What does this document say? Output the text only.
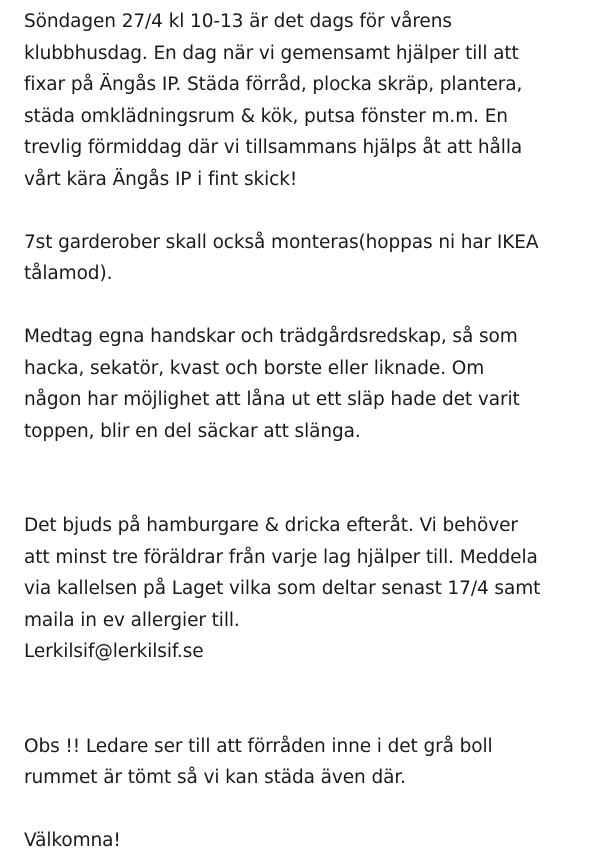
Söndagen 27/4 kl 10-13 är det dags för vårens
klubbhusdag. En dag när vi gemensamt hjälper till att
fixar på Ängås IP. Städa förråd, plocka skräp, plantera,
städa omklädningsrum & kök, putsa fönster m.m. En
trevlig förmiddag där vi tillsammans hjälps åt att hålla
vårt kära Ängås IP i fint skick!

7st garderober skall också monteras(hoppas ni har IKEA
tålamod).

Medtag egna handskar och trädgårdsredskap, så som
hacka, sekatör, kvast och borste eller liknade. Om
någon har möjlighet att låna ut ett släp hade det varit
toppen, blir en del säckar att slänga.

Det bjuds på hamburgare & dricka efteråt. Vi behöver
att minst tre föräldrar från varje lag hjälper till. Meddela
via kallelsen på Laget vilka som deltar senast 17/4 samt
maila in ev allergier till.

Lerkilsif@lerkilsif.se

Obs !! Ledare ser till att förråden inne i det grå boll
rummet är tömt så vi kan städa även där.

Välkomna!
